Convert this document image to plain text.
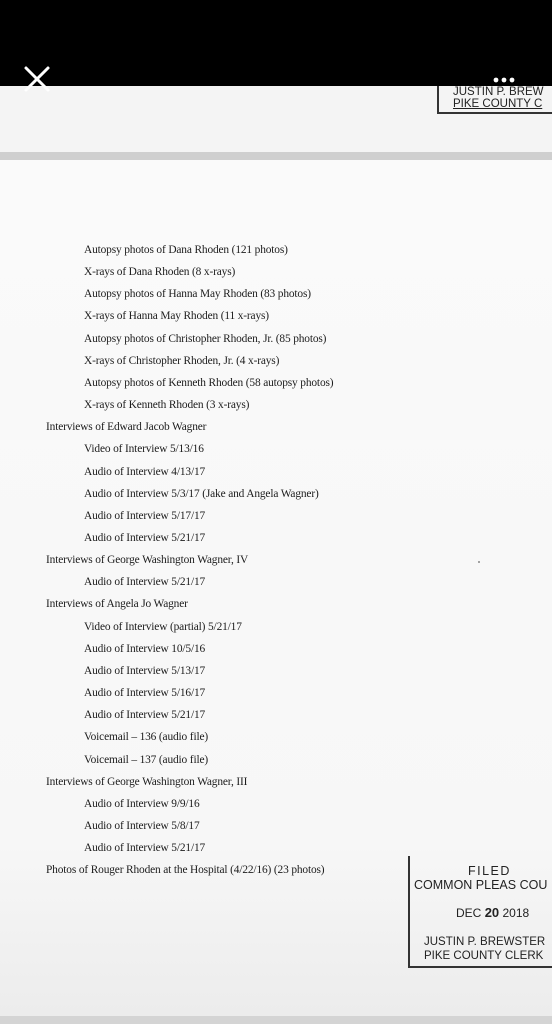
JUSTIN P. BREW
PIKE COUNTY C
Autopsy photos of Dana Rhoden (121 photos)
X-rays of Dana Rhoden (8 x-rays)
Autopsy photos of Hanna May Rhoden (83 photos)
X-rays of Hanna May Rhoden (11 x-rays)
Autopsy photos of Christopher Rhoden, Jr. (85 photos)
X-rays of Christopher Rhoden, Jr. (4 x-rays)
Autopsy photos of Kenneth Rhoden (58 autopsy photos)
X-rays of Kenneth Rhoden (3 x-rays)
Interviews of Edward Jacob Wagner
Video of Interview 5/13/16
Audio of Interview 4/13/17
Audio of Interview 5/3/17 (Jake and Angela Wagner)
Audio of Interview 5/17/17
Audio of Interview 5/21/17
Interviews of George Washington Wagner, IV
Audio of Interview 5/21/17
Interviews of Angela Jo Wagner
Video of Interview (partial) 5/21/17
Audio of Interview 10/5/16
Audio of Interview 5/13/17
Audio of Interview 5/16/17
Audio of Interview 5/21/17
Voicemail – 136 (audio file)
Voicemail – 137 (audio file)
Interviews of George Washington Wagner, III
Audio of Interview 9/9/16
Audio of Interview 5/8/17
Audio of Interview 5/21/17
Photos of Rouger Rhoden at the Hospital (4/22/16) (23 photos)	FILED
COMMON PLEAS COU
DEC 20 2018
JUSTIN P. BREWSTER
PIKE COUNTY CLERK
